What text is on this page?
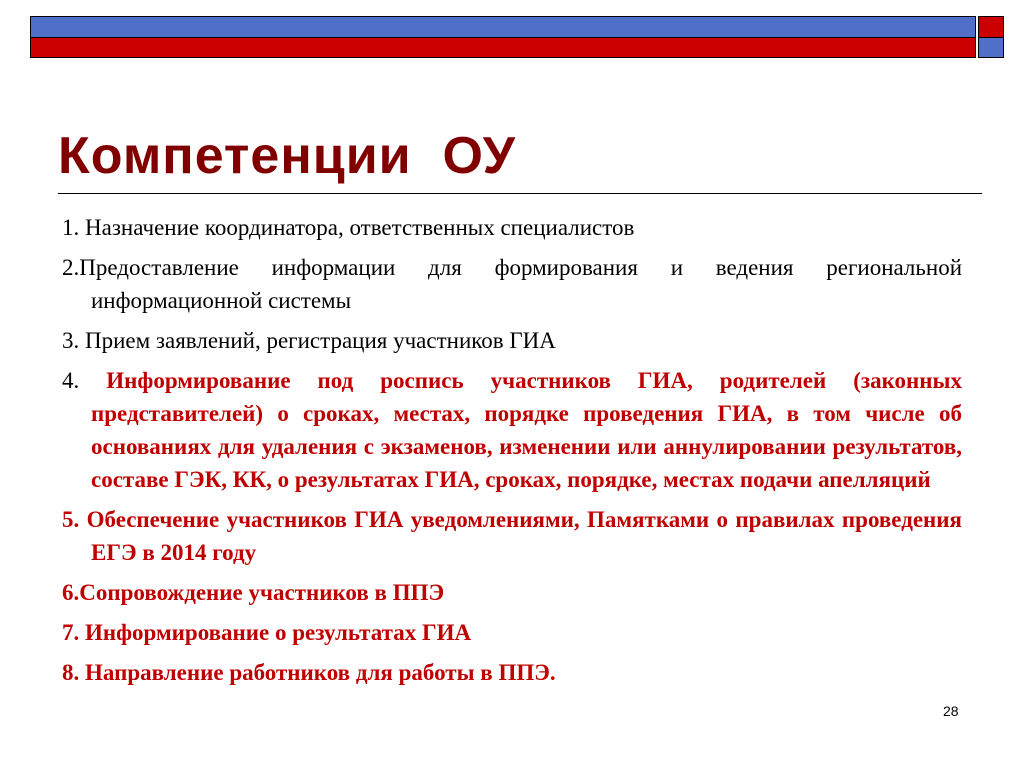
Компетенции  ОУ
1. Назначение координатора, ответственных специалистов
2.Предоставление информации для формирования и ведения региональной информационной системы
3. Прием заявлений, регистрация участников ГИА
4. Информирование под роспись участников ГИА, родителей (законных представителей) о сроках, местах, порядке проведения ГИА, в том числе об основаниях для удаления с экзаменов, изменении или аннулировании результатов, составе ГЭК, КК, о результатах ГИА, сроках, порядке, местах подачи апелляций
5. Обеспечение участников ГИА уведомлениями, Памятками о правилах проведения ЕГЭ в 2014 году
6.Сопровождение участников в ППЭ
7. Информирование о результатах ГИА
8. Направление работников для работы в ППЭ.
28
